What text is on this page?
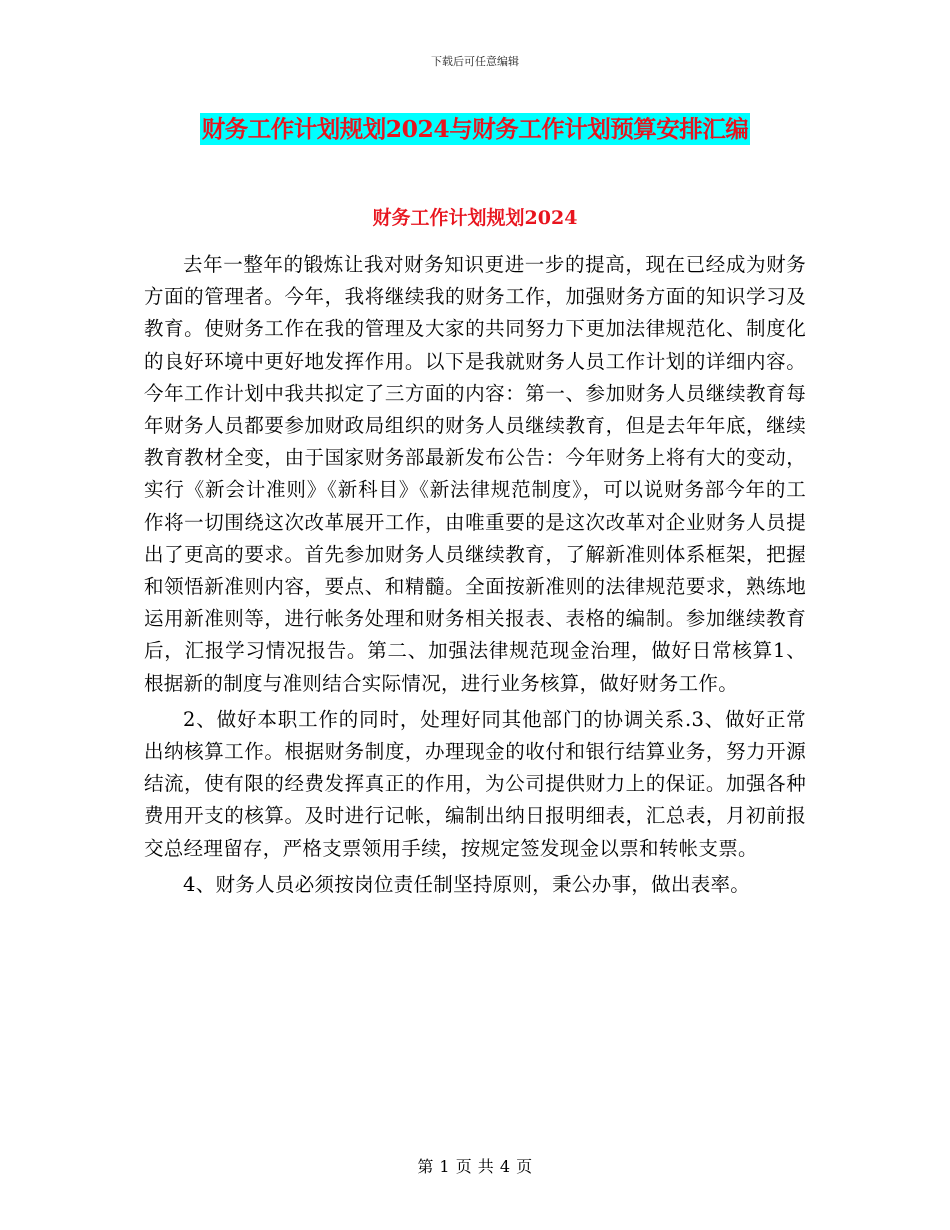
下载后可任意编辑
财务工作计划规划2024与财务工作计划预算安排汇编
财务工作计划规划2024

去年一整年的锻炼让我对财务知识更进一步的提高，现在已经成为财务方面的管理者。今年，我将继续我的财务工作，加强财务方面的知识学习及教育。使财务工作在我的管理及大家的共同努力下更加法律规范化、制度化的良好环境中更好地发挥作用。以下是我就财务人员工作计划的详细内容。今年工作计划中我共拟定了三方面的内容：第一、参加财务人员继续教育每年财务人员都要参加财政局组织的财务人员继续教育，但是去年年底，继续教育教材全变，由于国家财务部最新发布公告：今年财务上将有大的变动，实行《新会计准则》《新科目》《新法律规范制度》，可以说财务部今年的工作将一切围绕这次改革展开工作，由唯重要的是这次改革对企业财务人员提出了更高的要求。首先参加财务人员继续教育，了解新准则体系框架，把握和领悟新准则内容，要点、和精髓。全面按新准则的法律规范要求，熟练地运用新准则等，进行帐务处理和财务相关报表、表格的编制。参加继续教育后，汇报学习情况报告。第二、加强法律规范现金治理，做好日常核算1、根据新的制度与准则结合实际情况，进行业务核算，做好财务工作。

2、做好本职工作的同时，处理好同其他部门的协调关系.3、做好正常出纳核算工作。根据财务制度，办理现金的收付和银行结算业务，努力开源结流，使有限的经费发挥真正的作用，为公司提供财力上的保证。加强各种费用开支的核算。及时进行记帐，编制出纳日报明细表，汇总表，月初前报交总经理留存，严格支票领用手续，按规定签发现金以票和转帐支票。

4、财务人员必须按岗位责任制坚持原则，秉公办事，做出表率。

第 1 页 共 4 页
